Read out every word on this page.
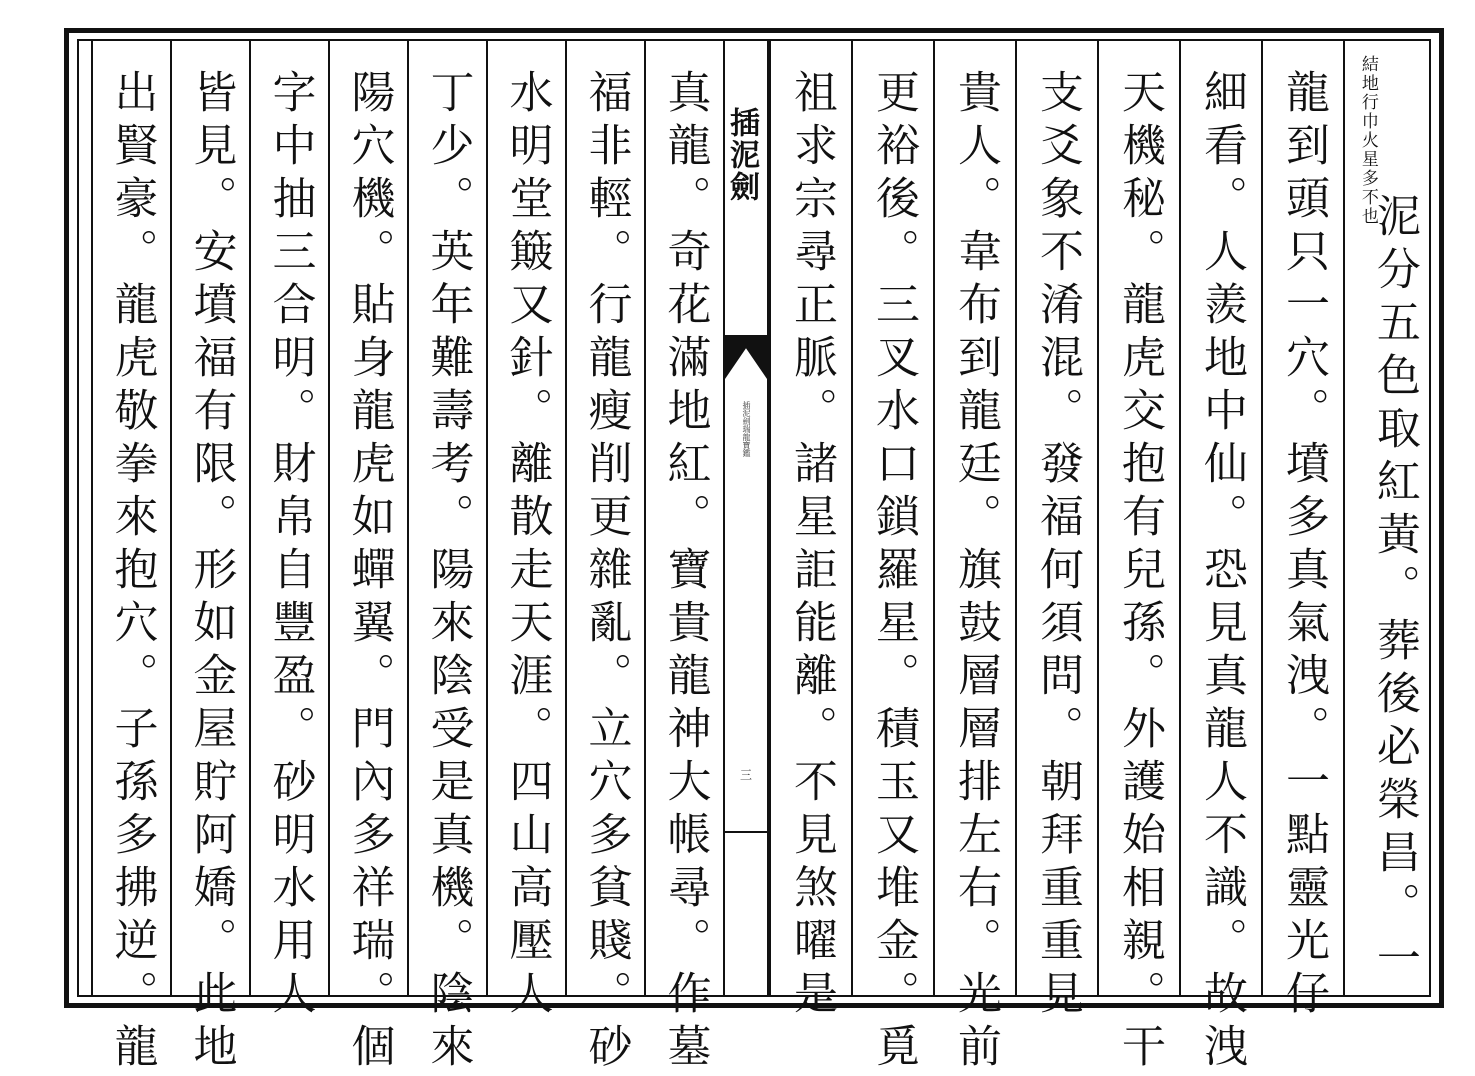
結地行巾火星多不也
泥分五色取紅黃。葬後必榮昌。一
龍到頭只一穴。墳多真氣洩。一點靈光仔
細看。人羨地中仙。恐見真龍人不識。故洩
天機秘。龍虎交抱有兒孫。外護始相親。干
支爻象不淆混。發福何須問。朝拜重重見
貴人。韋布到龍廷。旗鼓層層排左右。光前
更裕後。三叉水口鎖羅星。積玉又堆金。覓
祖求宗尋正脈。諸星詎能離。不見煞曜是
插泥劍
插泥劍瑞龍寶鑑
三
真龍。奇花滿地紅。寶貴龍神大帳尋。作墓
福非輕。行龍瘦削更雜亂。立穴多貧賤。砂
水明堂簸又針。離散走天涯。四山高壓人
丁少。英年難壽考。陽來陰受是真機。陰來
陽穴機。貼身龍虎如蟬翼。門內多祥瑞。個
字中抽三合明。財帛自豐盈。砂明水用人
皆見。安墳福有限。形如金屋貯阿嬌。此地
出賢豪。龍虎敬拳來抱穴。子孫多拂逆。龍
